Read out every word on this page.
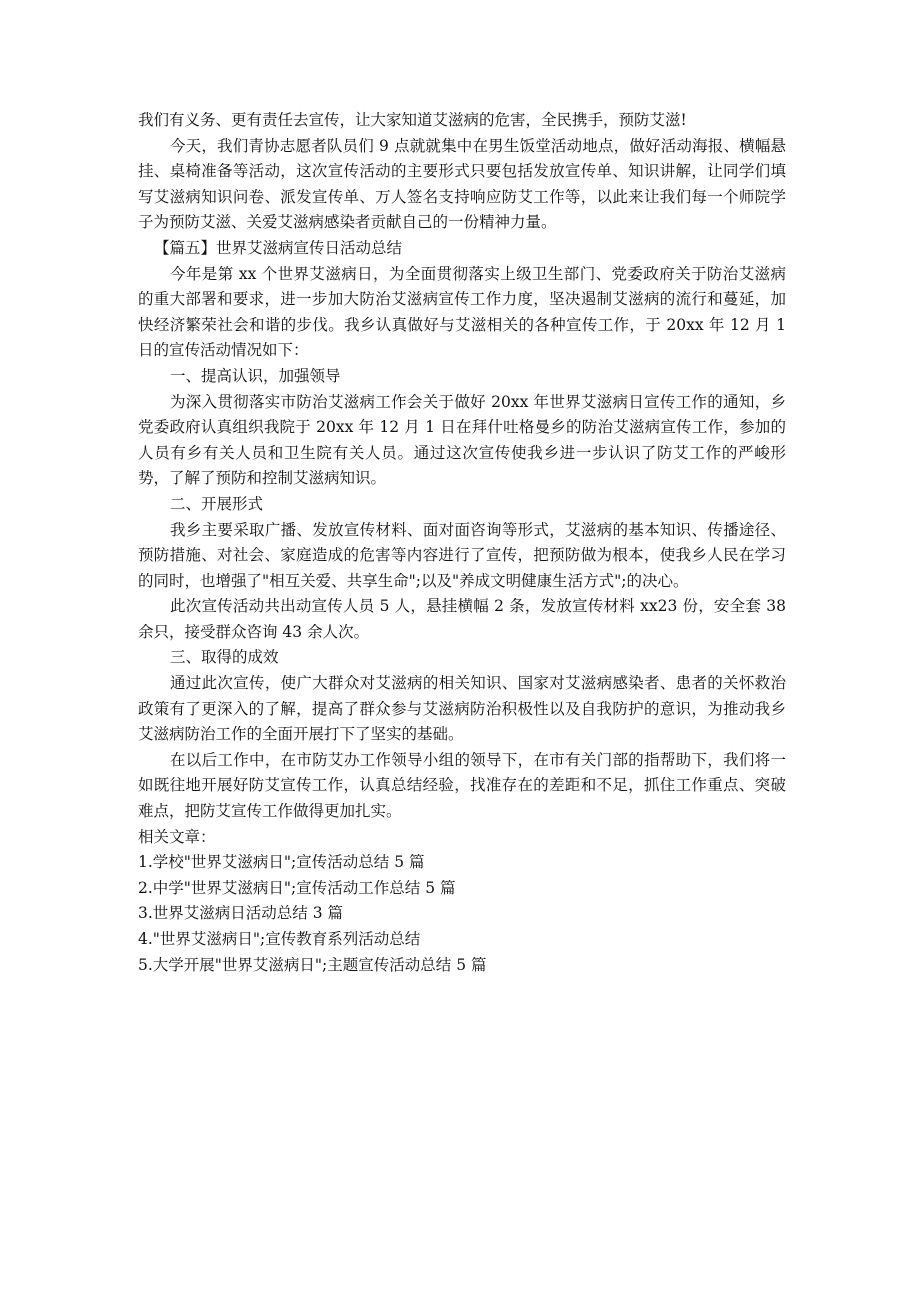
我们有义务、更有责任去宣传，让大家知道艾滋病的危害，全民携手，预防艾滋!

今天，我们青协志愿者队员们 9 点就就集中在男生饭堂活动地点，做好活动海报、横幅悬挂、桌椅准备等活动，这次宣传活动的主要形式只要包括发放宣传单、知识讲解，让同学们填写艾滋病知识问卷、派发宣传单、万人签名支持响应防艾工作等，以此来让我们每一个师院学子为预防艾滋、关爱艾滋病感染者贡献自己的一份精神力量。

【篇五】世界艾滋病宣传日活动总结

今年是第 xx 个世界艾滋病日，为全面贯彻落实上级卫生部门、党委政府关于防治艾滋病的重大部署和要求，进一步加大防治艾滋病宣传工作力度，坚决遏制艾滋病的流行和蔓延，加快经济繁荣社会和谐的步伐。我乡认真做好与艾滋相关的各种宣传工作，于 20xx 年 12 月 1 日的宣传活动情况如下：

一、提高认识，加强领导

为深入贯彻落实市防治艾滋病工作会关于做好 20xx 年世界艾滋病日宣传工作的通知，乡党委政府认真组织我院于 20xx 年 12 月 1 日在拜什吐格曼乡的防治艾滋病宣传工作，参加的人员有乡有关人员和卫生院有关人员。通过这次宣传使我乡进一步认识了防艾工作的严峻形势，了解了预防和控制艾滋病知识。

二、开展形式

我乡主要采取广播、发放宣传材料、面对面咨询等形式，艾滋病的基本知识、传播途径、预防措施、对社会、家庭造成的危害等内容进行了宣传，把预防做为根本，使我乡人民在学习的同时，也增强了"相互关爱、共享生命";以及"养成文明健康生活方式";的决心。

此次宣传活动共出动宣传人员 5 人，悬挂横幅 2 条，发放宣传材料 xx23 份，安全套 38 余只，接受群众咨询 43 余人次。

三、取得的成效

通过此次宣传，使广大群众对艾滋病的相关知识、国家对艾滋病感染者、患者的关怀救治政策有了更深入的了解，提高了群众参与艾滋病防治积极性以及自我防护的意识，为推动我乡艾滋病防治工作的全面开展打下了坚实的基础。

在以后工作中，在市防艾办工作领导小组的领导下，在市有关门部的指帮助下，我们将一如既往地开展好防艾宣传工作，认真总结经验，找准存在的差距和不足，抓住工作重点、突破难点，把防艾宣传工作做得更加扎实。

相关文章：

1.学校"世界艾滋病日";宣传活动总结 5 篇

2.中学"世界艾滋病日";宣传活动工作总结 5 篇

3.世界艾滋病日活动总结 3 篇

4."世界艾滋病日";宣传教育系列活动总结

5.大学开展"世界艾滋病日";主题宣传活动总结 5 篇
